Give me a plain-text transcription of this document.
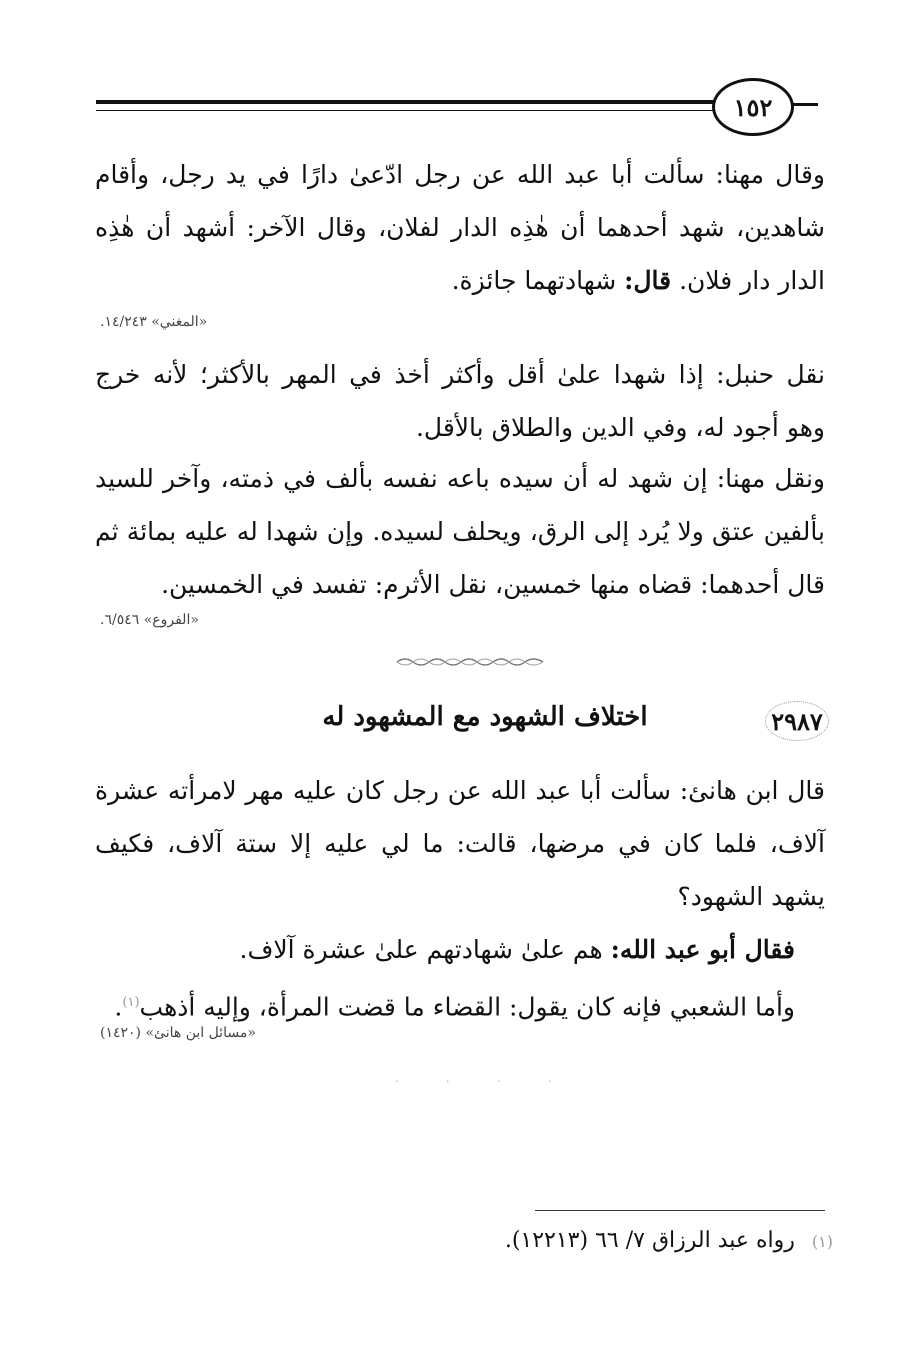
١٥٢
وقال مهنا: سألت أبا عبد الله عن رجل ادّعىٰ دارًا في يد رجل، وأقام
شاهدين، شهد أحدهما أن هٰذِه الدار لفلان، وقال الآخر: أشهد أن هٰذِه
الدار دار فلان. قال: شهادتهما جائزة.
«المغني» ١٤/٢٤٣.
نقل حنبل: إذا شهدا علىٰ أقل وأكثر أخذ في المهر بالأكثر؛ لأنه خرج
وهو أجود له، وفي الدين والطلاق بالأقل.
ونقل مهنا: إن شهد له أن سيده باعه نفسه بألف في ذمته، وآخر للسيد
بألفين عتق ولا يُرد إلى الرق، ويحلف لسيده. وإن شهدا له عليه بمائة ثم
قال أحدهما: قضاه منها خمسين، نقل الأثرم: تفسد في الخمسين.
«الفروع» ٦/٥٤٦.
٢٩٨٧
اختلاف الشهود مع المشهود له
قال ابن هانئ: سألت أبا عبد الله عن رجل كان عليه مهر لامرأته عشرة
آلاف، فلما كان في مرضها، قالت: ما لي عليه إلا ستة آلاف، فكيف
يشهد الشهود؟
فقال أبو عبد الله: هم علىٰ شهادتهم علىٰ عشرة آلاف.
وأما الشعبي فإنه كان يقول: القضاء ما قضت المرأة، وإليه أذهب$^{(١)}$.
«مسائل ابن هانئ» (١٤٢٠)
· · · ·
(١) رواه عبد الرزاق ٧/ ٦٦ (١٢٢١٣).
